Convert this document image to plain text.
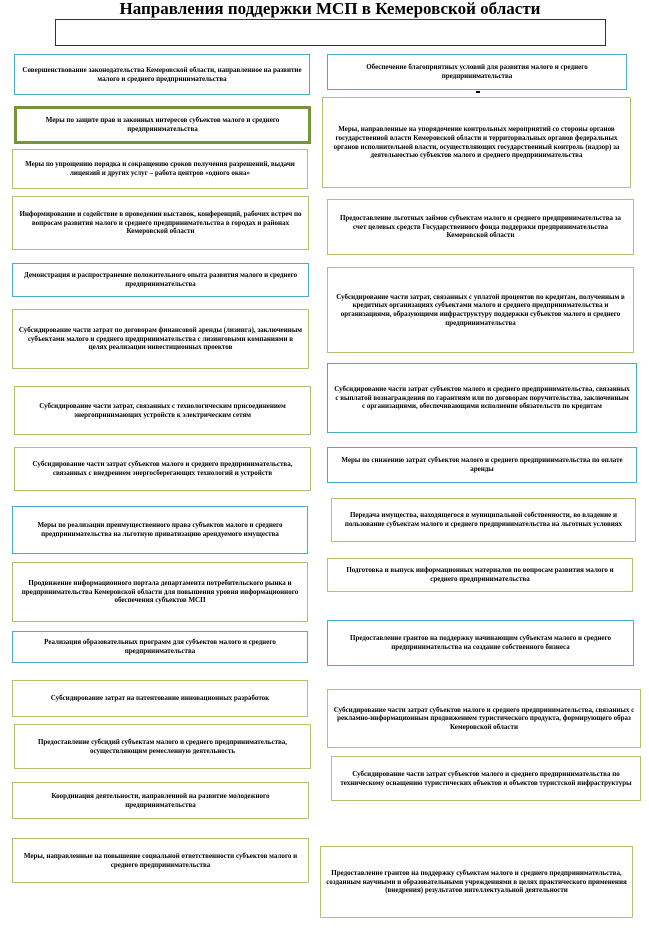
Направления поддержки МСП в Кемеровской области
Совершенствование законодательства Кемеровской области, направленное на развитие малого и среднего предпринимательства
Меры по защите прав и законных интересов субъектов малого и среднего предпринимательства
Меры по упрощению порядка и сокращению сроков получения разрешений, выдачи лицензий и других услуг – работа центров «одного окна»
Информирование и содействие в проведении выставок, конференций, рабочих встреч по вопросам развития малого и среднего предпринимательства в городах и районах Кемеровской области
Демонстрация и распространение положительного опыта развития малого и среднего предпринимательства
Субсидирование части затрат по договорам финансовой аренды (лизинга), заключенным субъектами малого и среднего предпринимательства с лизинговыми компаниями в целях реализации инвестиционных проектов
Субсидирование части затрат, связанных с технологическим присоединением энергопринимающих устройств к электрическим сетям
Субсидирование части затрат субъектов малого и среднего предпринимательства, связанных с внедрением энергосберегающих технологий и устройств
Меры по реализации преимущественного права субъектов малого и среднего предпринимательства на льготную приватизацию арендуемого имущества
Продвижение информационного портала департамента потребительского рынка и предпринимательства Кемеровской области для повышения уровня информационного обеспечения субъектов МСП
Реализация образовательных программ для субъектов малого и среднего предпринимательства
Субсидирование затрат на патентование инновационных разработок
Предоставление субсидий субъектам малого и среднего предпринимательства, осуществляющим ремесленную деятельность
Координация деятельности, направленной на развитие молодежного предпринимательства
Меры, направленные на повышение социальной ответственности субъектов малого и среднего предпринимательства
Обеспечение благоприятных условий для развития малого и среднего предпринимательства
Меры, направленные на упорядочение контрольных мероприятий со стороны органов государственной власти Кемеровской области и территориальных органов федеральных органов исполнительной власти, осуществляющих государственный контроль (надзор) за деятельностью субъектов малого и среднего предпринимательства
Предоставление льготных займов субъектам малого и среднего предпринимательства за счет целевых средств Государственного фонда поддержки предпринимательства Кемеровской области
Субсидирование части затрат, связанных с уплатой процентов по кредитам, полученным в кредитных организациях субъектами малого и среднего предпринимательства и организациями, образующими инфраструктуру поддержки субъектов малого и среднего предпринимательства
Субсидирование части затрат субъектов малого и среднего предпринимательства, связанных с выплатой вознаграждения по гарантиям или по договорам поручительства, заключенным с организациями, обеспечивающими исполнение обязательств по кредитам
Меры по снижению затрат субъектов малого и среднего предпринимательства по оплате аренды
Передача имущества, находящегося в муниципальной собственности, во владение и пользование субъектам малого и среднего предпринимательства на льготных условиях
Подготовка и выпуск информационных материалов по вопросам развития малого и среднего предпринимательства
Предоставление грантов на поддержку начинающим субъектам малого и среднего предпринимательства на создание собственного бизнеса
Субсидирование части затрат субъектов малого и среднего предпринимательства, связанных с рекламно-информационным продвижением туристического продукта, формирующего образ Кемеровской области
Субсидирование части затрат субъектов малого и среднего предпринимательства по техническому оснащению туристических объектов и объектов туристской инфраструктуры
Предоставление грантов на поддержку субъектам малого и среднего предпринимательства, созданным научными и образовательными учреждениями в целях практического применения (внедрения) результатов интеллектуальной деятельности
